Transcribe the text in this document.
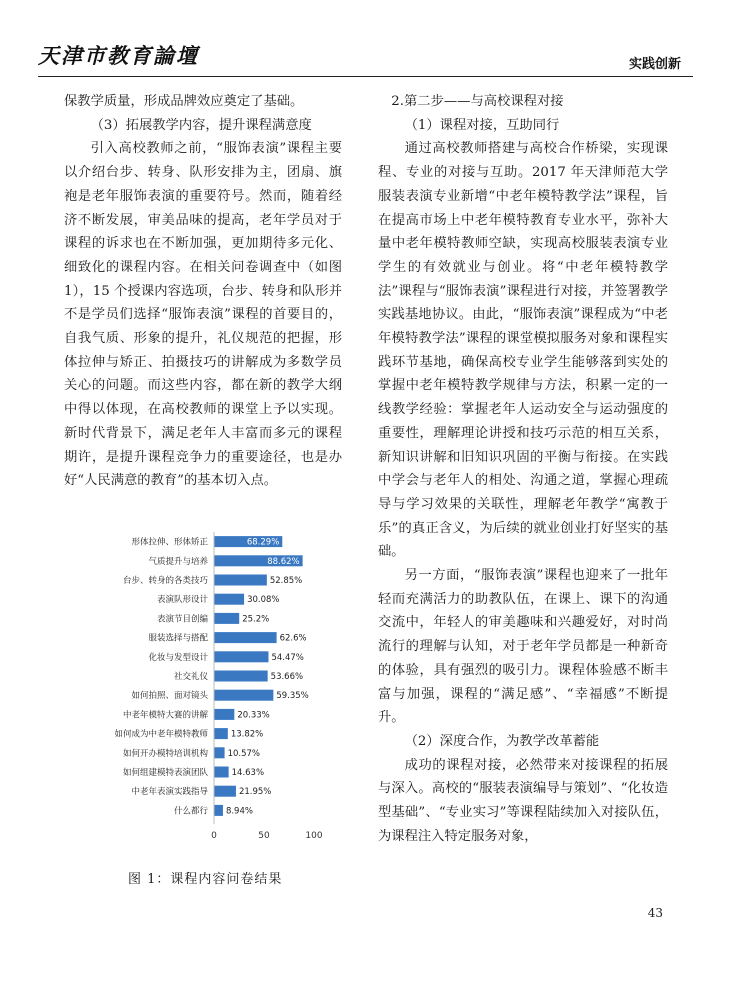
天津市教育論壇	实践创新

保教学质量，形成品牌效应奠定了基础。

（3）拓展教学内容，提升课程满意度

引入高校教师之前，“服饰表演”课程主要以介绍台步、转身、队形安排为主，团扇、旗袍是老年服饰表演的重要符号。然而，随着经济不断发展，审美品味的提高，老年学员对于课程的诉求也在不断加强，更加期待多元化、细致化的课程内容。在相关问卷调查中（如图 1），15 个授课内容选项，台步、转身和队形并不是学员们选择“服饰表演”课程的首要目的，自我气质、形象的提升，礼仪规范的把握，形体拉伸与矫正、拍摄技巧的讲解成为多数学员关心的问题。而这些内容，都在新的教学大纲中得以体现，在高校教师的课堂上予以实现。新时代背景下，满足老年人丰富而多元的课程期许，是提升课程竞争力的重要途径，也是办好“人民满意的教育”的基本切入点。

形体拉伸、形体矫正	68.29%
气质提升与培养	88.62%
台步、转身的各类技巧	52.85%
表演队形设计	30.08%
表演节目创编	25.2%
服装选择与搭配	62.6%
化妆与发型设计	54.47%
社交礼仪	53.66%
如何拍照、面对镜头	59.35%
中老年模特大赛的讲解	20.33%
如何成为中老年模特教师	13.82%
如何开办模特培训机构 10.57%
如何组建模特表演团队	14.63%
中老年表演实践指导	21.95%
什么都行 8.94%
0	50	100
图 1：课程内容问卷结果

2.第二步——与高校课程对接

（1）课程对接，互助同行

通过高校教师搭建与高校合作桥梁，实现课程、专业的对接与互助。2017 年天津师范大学服装表演专业新增“中老年模特教学法”课程，旨在提高市场上中老年模特教育专业水平，弥补大量中老年模特教师空缺，实现高校服装表演专业学生的有效就业与创业。将“中老年模特教学法”课程与“服饰表演”课程进行对接，并签署教学实践基地协议。由此，“服饰表演”课程成为“中老年模特教学法”课程的课堂模拟服务对象和课程实践环节基地，确保高校专业学生能够落到实处的掌握中老年模特教学规律与方法，积累一定的一线教学经验：掌握老年人运动安全与运动强度的重要性，理解理论讲授和技巧示范的相互关系，新知识讲解和旧知识巩固的平衡与衔接。在实践中学会与老年人的相处、沟通之道，掌握心理疏导与学习效果的关联性，理解老年教学“寓教于乐”的真正含义，为后续的就业创业打好坚实的基础。

另一方面，“服饰表演”课程也迎来了一批年轻而充满活力的助教队伍，在课上、课下的沟通交流中，年轻人的审美趣味和兴趣爱好，对时尚流行的理解与认知，对于老年学员都是一种新奇的体验，具有强烈的吸引力。课程体验感不断丰富与加强，课程的“满足感”、“幸福感”不断提升。

（2）深度合作，为教学改革蓄能

成功的课程对接，必然带来对接课程的拓展与深入。高校的“服装表演编导与策划”、“化妆造型基础”、“专业实习”等课程陆续加入对接队伍，为课程注入特定服务对象，

43
